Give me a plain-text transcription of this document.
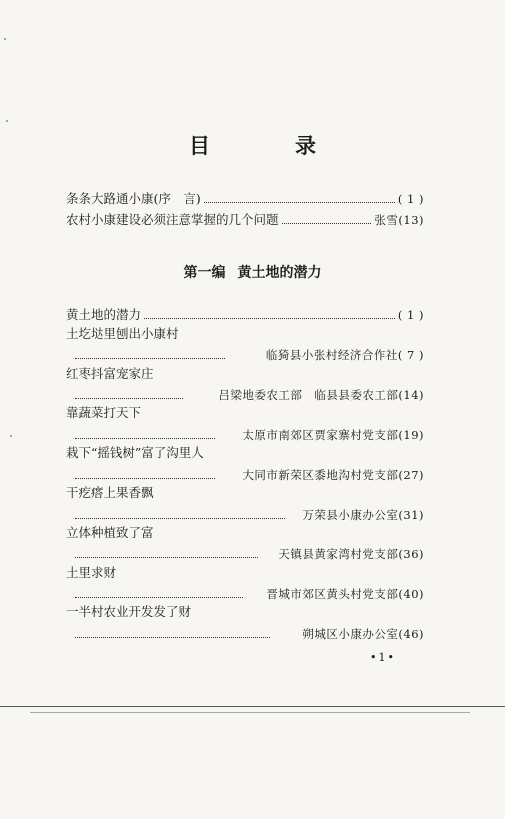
目　录
条条大路通小康(序　言)	( 1 )
农村小康建设必须注意掌握的几个问题	张雪(13)
第一编 黄土地的潜力
黄土地的潜力	( 1 )
土圪垯里刨出小康村
临猗县小张村经济合作社( 7 )
红枣抖富宠家庄
吕梁地委农工部　临县县委农工部(14)
靠蔬菜打天下
太原市南郊区贾家寨村党支部(19)
栽下“摇钱树”富了沟里人
大同市新荣区黍地沟村党支部(27)
干疙瘩上果香飘
万荣县小康办公室(31)
立体种植致了富
天镇县黄家湾村党支部(36)
土里求财
晋城市郊区黄头村党支部(40)
一半村农业开发发了财
朔城区小康办公室(46)
•1•
